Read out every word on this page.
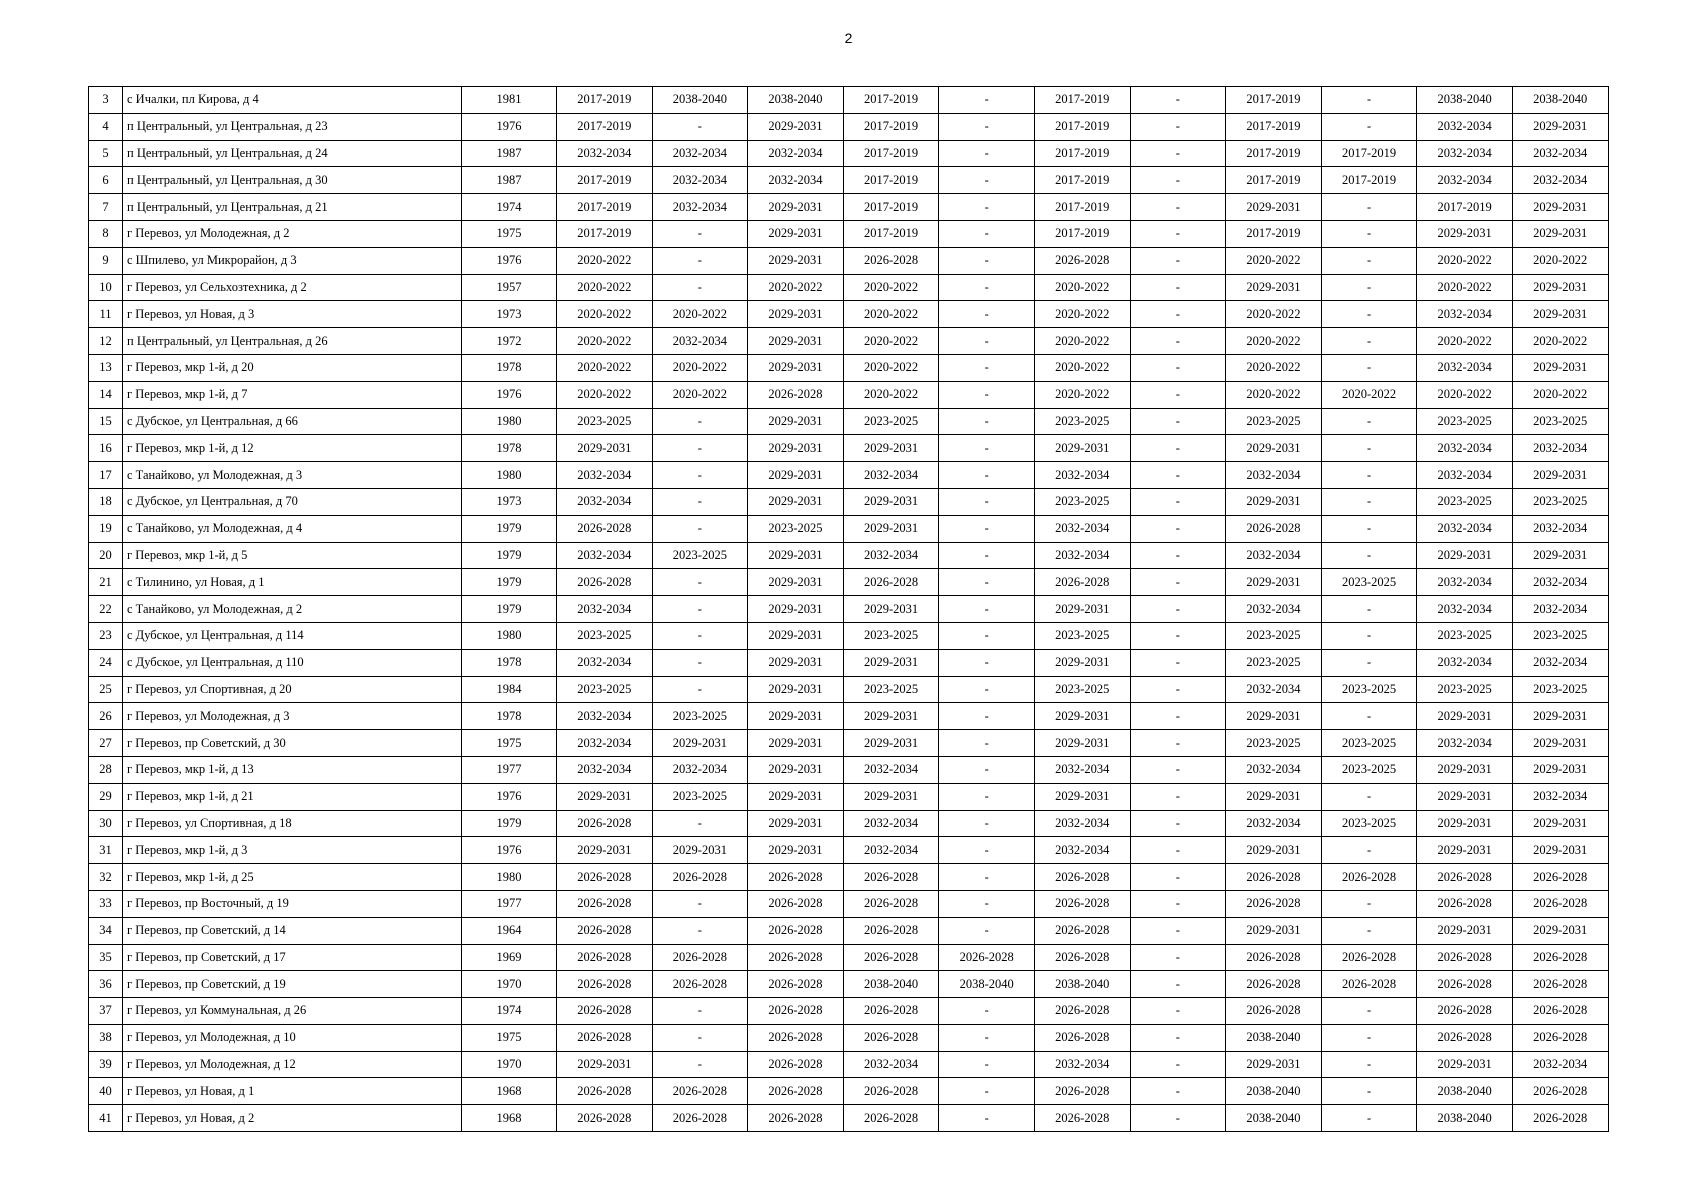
2
3	с Ичалки, пл Кирова, д 4	1981	2017-2019	2038-2040	2038-2040	2017-2019	-	2017-2019	-	2017-2019	-	2038-2040	2038-2040
4	п Центральный, ул Центральная, д 23	1976	2017-2019	-	2029-2031	2017-2019	-	2017-2019	-	2017-2019	-	2032-2034	2029-2031
5	п Центральный, ул Центральная, д 24	1987	2032-2034	2032-2034	2032-2034	2017-2019	-	2017-2019	-	2017-2019	2017-2019	2032-2034	2032-2034
6	п Центральный, ул Центральная, д 30	1987	2017-2019	2032-2034	2032-2034	2017-2019	-	2017-2019	-	2017-2019	2017-2019	2032-2034	2032-2034
7	п Центральный, ул Центральная, д 21	1974	2017-2019	2032-2034	2029-2031	2017-2019	-	2017-2019	-	2029-2031	-	2017-2019	2029-2031
8	г Перевоз, ул Молодежная, д 2	1975	2017-2019	-	2029-2031	2017-2019	-	2017-2019	-	2017-2019	-	2029-2031	2029-2031
9	с Шпилево, ул Микрорайон, д 3	1976	2020-2022	-	2029-2031	2026-2028	-	2026-2028	-	2020-2022	-	2020-2022	2020-2022
10	г Перевоз, ул Сельхозтехника, д 2	1957	2020-2022	-	2020-2022	2020-2022	-	2020-2022	-	2029-2031	-	2020-2022	2029-2031
11	г Перевоз, ул Новая, д 3	1973	2020-2022	2020-2022	2029-2031	2020-2022	-	2020-2022	-	2020-2022	-	2032-2034	2029-2031
12	п Центральный, ул Центральная, д 26	1972	2020-2022	2032-2034	2029-2031	2020-2022	-	2020-2022	-	2020-2022	-	2020-2022	2020-2022
13	г Перевоз, мкр 1-й, д 20	1978	2020-2022	2020-2022	2029-2031	2020-2022	-	2020-2022	-	2020-2022	-	2032-2034	2029-2031
14	г Перевоз, мкр 1-й, д 7	1976	2020-2022	2020-2022	2026-2028	2020-2022	-	2020-2022	-	2020-2022	2020-2022	2020-2022	2020-2022
15	с Дубское, ул Центральная, д 66	1980	2023-2025	-	2029-2031	2023-2025	-	2023-2025	-	2023-2025	-	2023-2025	2023-2025
16	г Перевоз, мкр 1-й, д 12	1978	2029-2031	-	2029-2031	2029-2031	-	2029-2031	-	2029-2031	-	2032-2034	2032-2034
17	с Танайково, ул Молодежная, д 3	1980	2032-2034	-	2029-2031	2032-2034	-	2032-2034	-	2032-2034	-	2032-2034	2029-2031
18	с Дубское, ул Центральная, д 70	1973	2032-2034	-	2029-2031	2029-2031	-	2023-2025	-	2029-2031	-	2023-2025	2023-2025
19	с Танайково, ул Молодежная, д 4	1979	2026-2028	-	2023-2025	2029-2031	-	2032-2034	-	2026-2028	-	2032-2034	2032-2034
20	г Перевоз, мкр 1-й, д 5	1979	2032-2034	2023-2025	2029-2031	2032-2034	-	2032-2034	-	2032-2034	-	2029-2031	2029-2031
21	с Тилинино, ул Новая, д 1	1979	2026-2028	-	2029-2031	2026-2028	-	2026-2028	-	2029-2031	2023-2025	2032-2034	2032-2034
22	с Танайково, ул Молодежная, д 2	1979	2032-2034	-	2029-2031	2029-2031	-	2029-2031	-	2032-2034	-	2032-2034	2032-2034
23	с Дубское, ул Центральная, д 114	1980	2023-2025	-	2029-2031	2023-2025	-	2023-2025	-	2023-2025	-	2023-2025	2023-2025
24	с Дубское, ул Центральная, д 110	1978	2032-2034	-	2029-2031	2029-2031	-	2029-2031	-	2023-2025	-	2032-2034	2032-2034
25	г Перевоз, ул Спортивная, д 20	1984	2023-2025	-	2029-2031	2023-2025	-	2023-2025	-	2032-2034	2023-2025	2023-2025	2023-2025
26	г Перевоз, ул Молодежная, д 3	1978	2032-2034	2023-2025	2029-2031	2029-2031	-	2029-2031	-	2029-2031	-	2029-2031	2029-2031
27	г Перевоз, пр Советский, д 30	1975	2032-2034	2029-2031	2029-2031	2029-2031	-	2029-2031	-	2023-2025	2023-2025	2032-2034	2029-2031
28	г Перевоз, мкр 1-й, д 13	1977	2032-2034	2032-2034	2029-2031	2032-2034	-	2032-2034	-	2032-2034	2023-2025	2029-2031	2029-2031
29	г Перевоз, мкр 1-й, д 21	1976	2029-2031	2023-2025	2029-2031	2029-2031	-	2029-2031	-	2029-2031	-	2029-2031	2032-2034
30	г Перевоз, ул Спортивная, д 18	1979	2026-2028	-	2029-2031	2032-2034	-	2032-2034	-	2032-2034	2023-2025	2029-2031	2029-2031
31	г Перевоз, мкр 1-й, д 3	1976	2029-2031	2029-2031	2029-2031	2032-2034	-	2032-2034	-	2029-2031	-	2029-2031	2029-2031
32	г Перевоз, мкр 1-й, д 25	1980	2026-2028	2026-2028	2026-2028	2026-2028	-	2026-2028	-	2026-2028	2026-2028	2026-2028	2026-2028
33	г Перевоз, пр Восточный, д 19	1977	2026-2028	-	2026-2028	2026-2028	-	2026-2028	-	2026-2028	-	2026-2028	2026-2028
34	г Перевоз, пр Советский, д 14	1964	2026-2028	-	2026-2028	2026-2028	-	2026-2028	-	2029-2031	-	2029-2031	2029-2031
35	г Перевоз, пр Советский, д 17	1969	2026-2028	2026-2028	2026-2028	2026-2028	2026-2028	2026-2028	-	2026-2028	2026-2028	2026-2028	2026-2028
36	г Перевоз, пр Советский, д 19	1970	2026-2028	2026-2028	2026-2028	2038-2040	2038-2040	2038-2040	-	2026-2028	2026-2028	2026-2028	2026-2028
37	г Перевоз, ул Коммунальная, д 26	1974	2026-2028	-	2026-2028	2026-2028	-	2026-2028	-	2026-2028	-	2026-2028	2026-2028
38	г Перевоз, ул Молодежная, д 10	1975	2026-2028	-	2026-2028	2026-2028	-	2026-2028	-	2038-2040	-	2026-2028	2026-2028
39	г Перевоз, ул Молодежная, д 12	1970	2029-2031	-	2026-2028	2032-2034	-	2032-2034	-	2029-2031	-	2029-2031	2032-2034
40	г Перевоз, ул Новая, д 1	1968	2026-2028	2026-2028	2026-2028	2026-2028	-	2026-2028	-	2038-2040	-	2038-2040	2026-2028
41	г Перевоз, ул Новая, д 2	1968	2026-2028	2026-2028	2026-2028	2026-2028	-	2026-2028	-	2038-2040	-	2038-2040	2026-2028
